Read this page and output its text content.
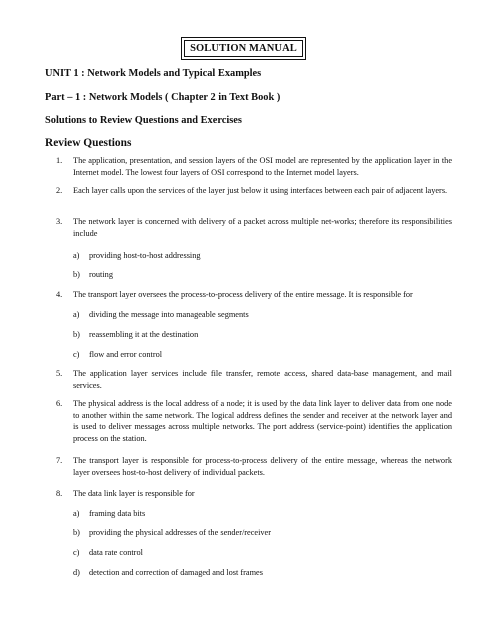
SOLUTION MANUAL
UNIT 1 : Network Models and Typical Examples
Part – 1 : Network Models ( Chapter 2 in Text Book )
Solutions to Review Questions and Exercises
Review Questions
1. The application, presentation, and session layers of the OSI model are represented by the application layer in the Internet model. The lowest four layers of OSI correspond to the Internet model layers.
2. Each layer calls upon the services of the layer just below it using interfaces between each pair of adjacent layers.
3. The network layer is concerned with delivery of a packet across multiple net-works; therefore its responsibilities include
a) providing host-to-host addressing
b) routing
4. The transport layer oversees the process-to-process delivery of the entire message. It is responsible for
a) dividing the message into manageable segments
b) reassembling it at the destination
c) flow and error control
5. The application layer services include file transfer, remote access, shared data-base management, and mail services.
6. The physical address is the local address of a node; it is used by the data link layer to deliver data from one node to another within the same network. The logical address defines the sender and receiver at the network layer and is used to deliver messages across multiple networks. The port address (service-point) identifies the application process on the station.
7. The transport layer is responsible for process-to-process delivery of the entire message, whereas the network layer oversees host-to-host delivery of individual packets.
8. The data link layer is responsible for
a) framing data bits
b) providing the physical addresses of the sender/receiver
c) data rate control
d) detection and correction of damaged and lost frames
